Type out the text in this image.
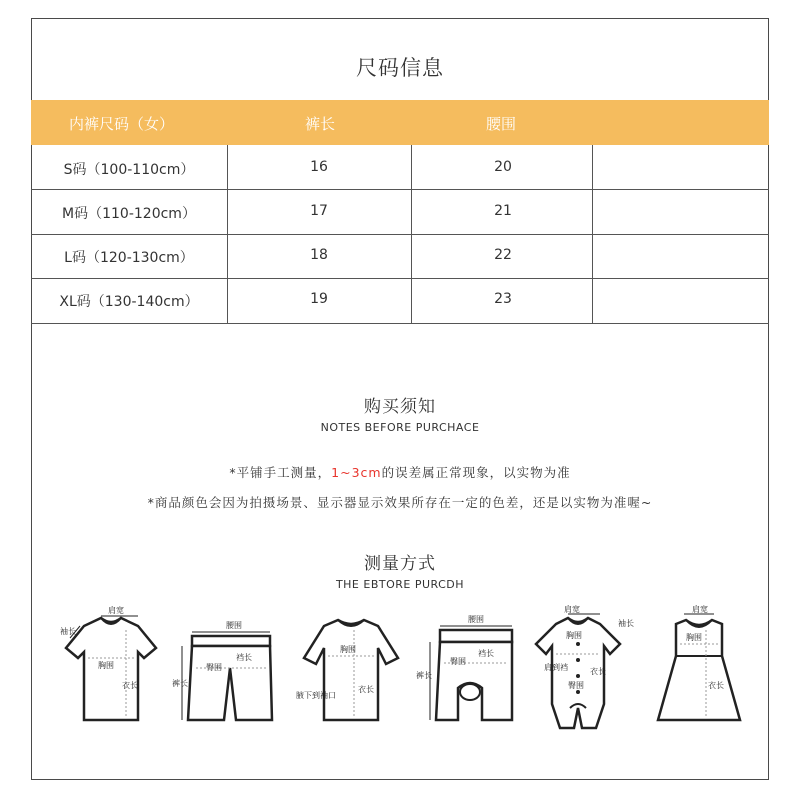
尺码信息
内裤尺码（女）	裤长	腰围
S码（100-110cm）	16	20
M码（110-120cm）	17	21
L码（120-130cm）	18	22
XL码（130-140cm）	19	23
购买须知
NOTES BEFORE PURCHACE
*平铺手工测量，1~3cm的误差属正常现象，以实物为准
*商品颜色会因为拍摄场景、显示器显示效果所存在一定的色差，还是以实物为准喔~
测量方式
THE EBTORE PURCDH
袖长
肩宽
胸围
衣长
腰围
臀围
裆长
裤长
胸围
腋下到袖口
衣长
腰围
臀围
裆长
裤长
肩宽
袖长
胸围
肩到裆	衣长
臀围
肩宽
胸围
衣长
